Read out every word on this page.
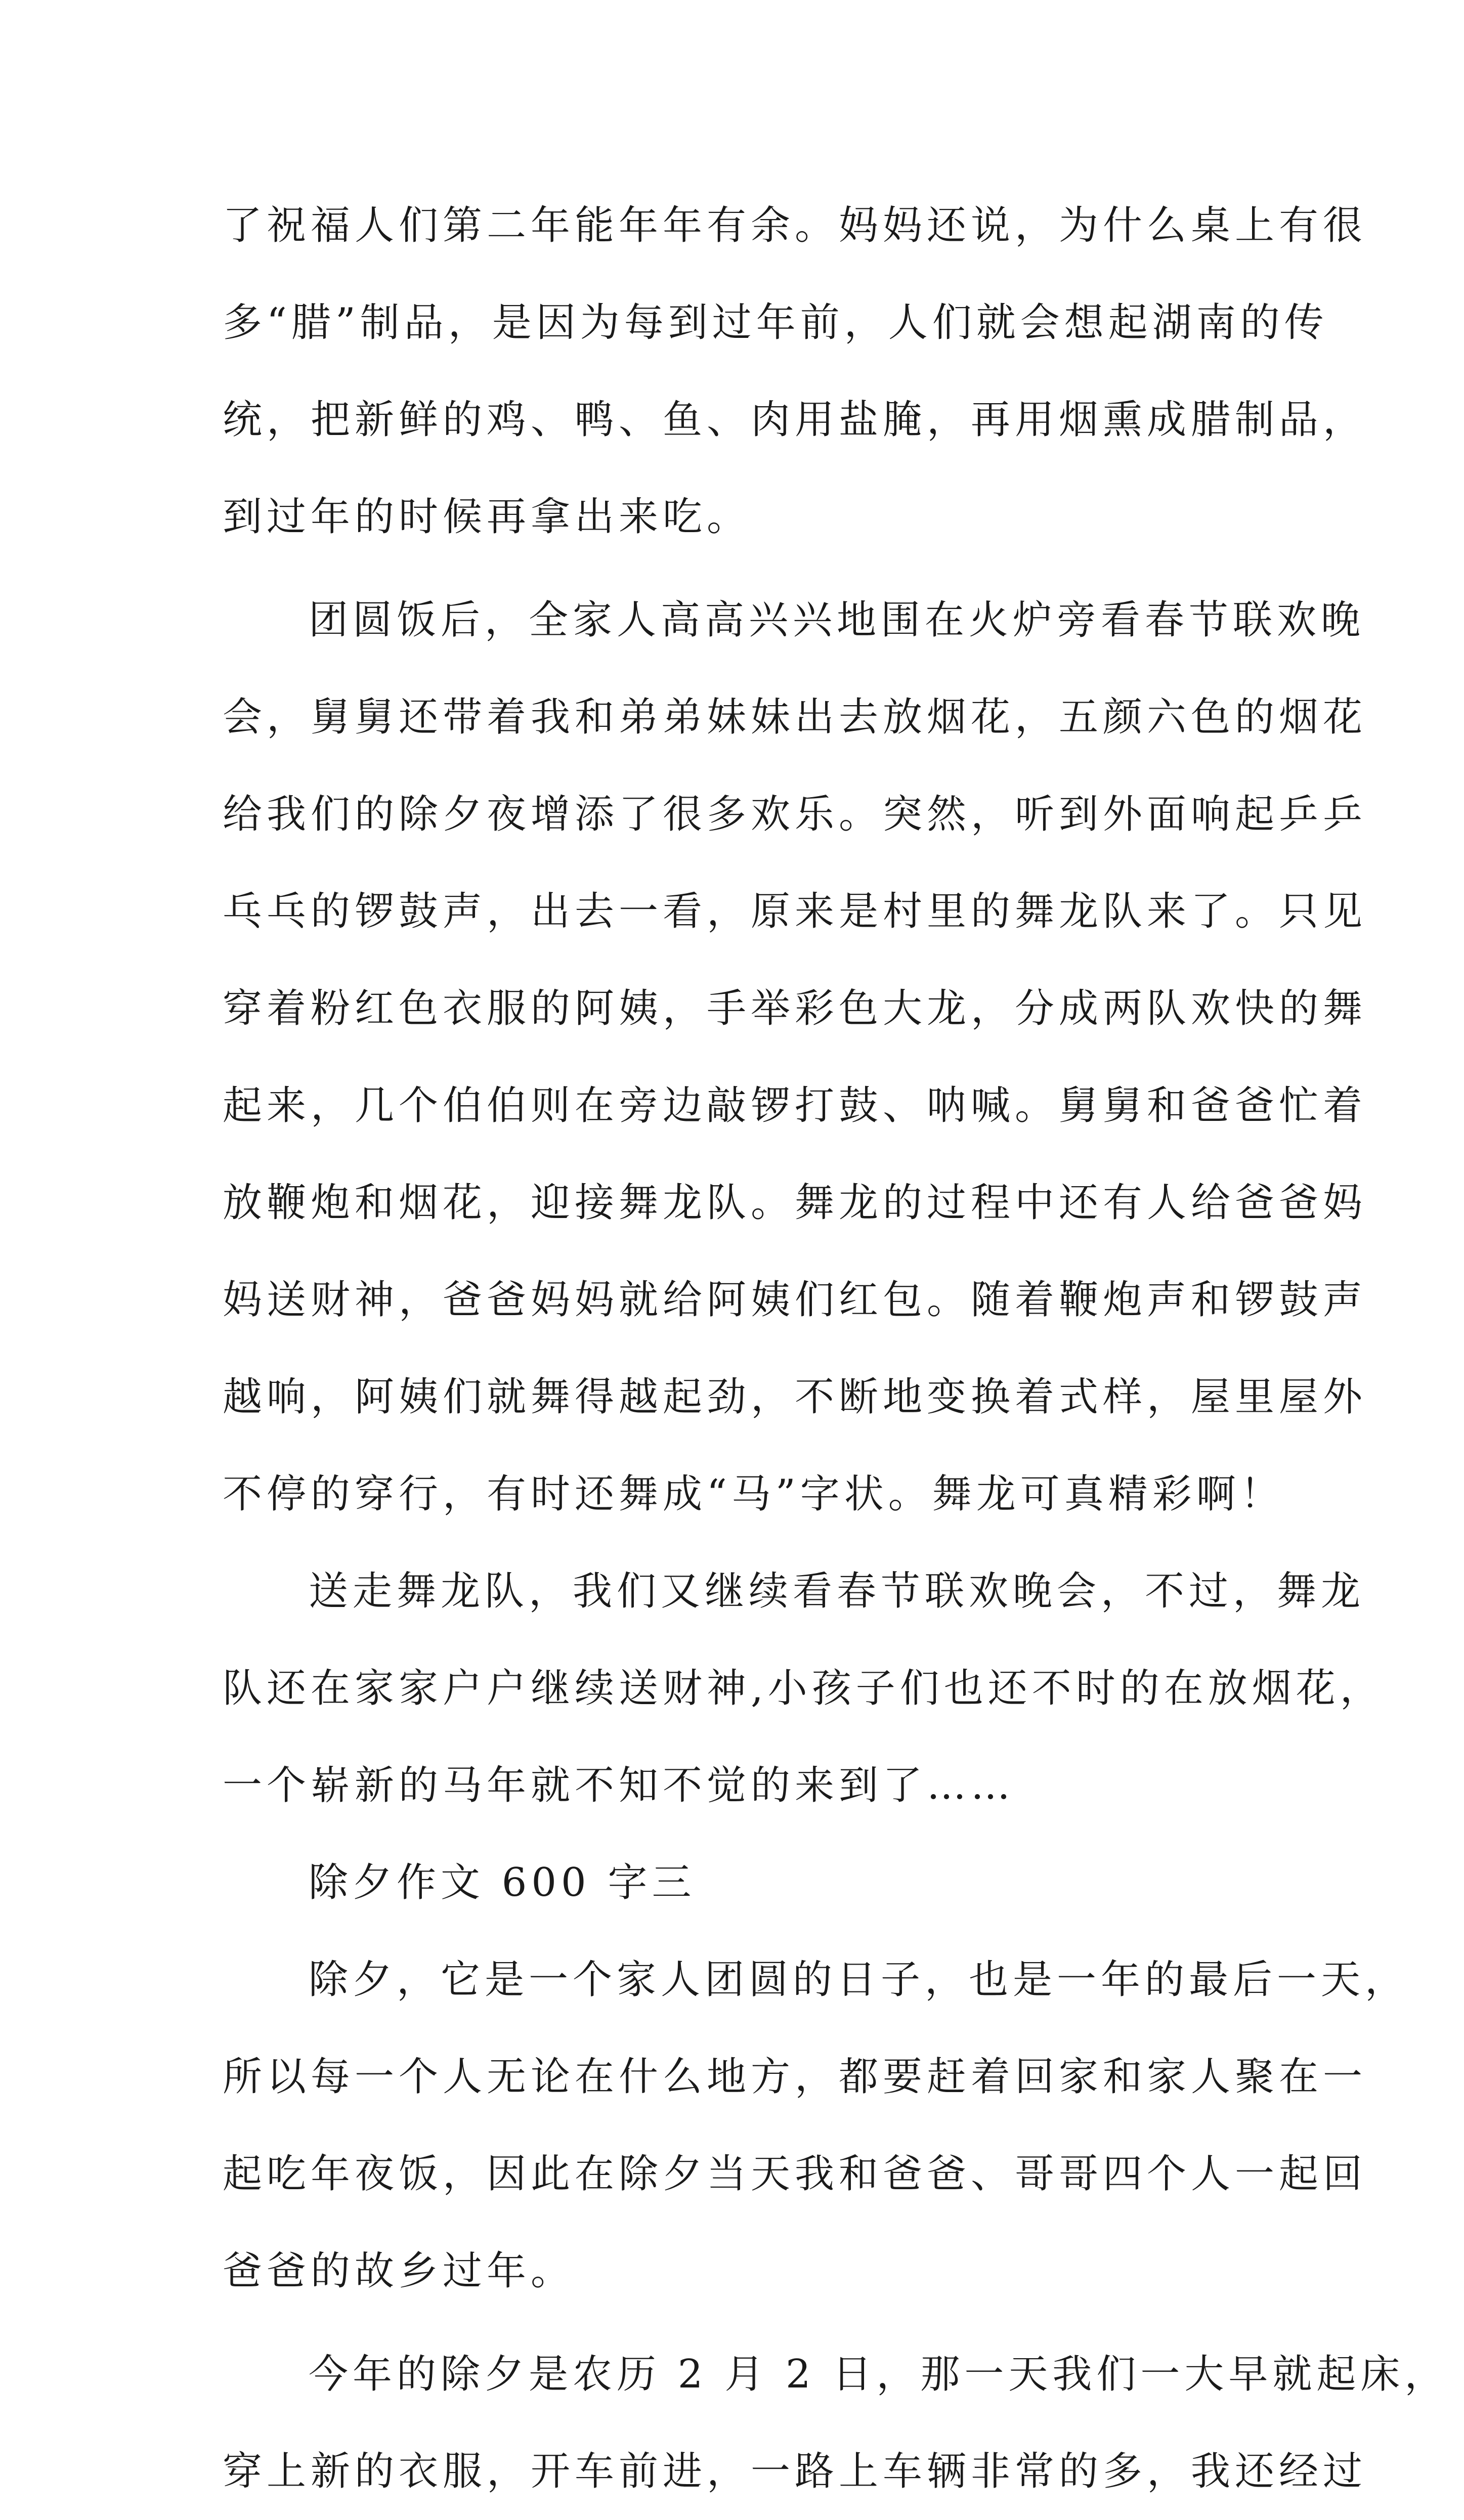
了祝福人们第二年能年年有余。妈妈还说，为什么桌上有很
多“腊”制品，是因为每到过年前，人们就会想起湖南的传
统，把新鲜的鸡、鸭、鱼、肉用盐腌，再用烟熏成腊制品，
到过年的时候再拿出来吃。
团圆饭后，全家人高高兴兴地围在火炉旁看春节联欢晚
会，舅舅还带着我和弟弟妹妹出去放烟花，五颜六色的烟花
给我们的除夕夜增添了很多欢乐。突然，听到外面响起乒乒
乓乓的锣鼓声，出去一看，原来是村里的舞龙队来了。只见
穿着粉红色衣服的阿姨，手举彩色大龙，分成两队欢快的舞
起来，几个伯伯则在旁边敲锣打鼓、呐喊。舅舅和爸爸忙着
放鞭炮和烟花，迎接舞龙队。舞龙的过程中还有人给爸爸妈
妈送财神，爸爸妈妈就给阿姨们红包。随着鞭炮声和锣鼓声
越响，阿姨们就舞得越起劲，不断地变换着式样，屋里屋外
不停的穿行，有时还舞成“马”字状。舞龙可真精彩啊！
送走舞龙队，我们又继续看春节联欢晚会，不过，舞龙
队还在家家户户继续送财神,小孩子们也还不时的在放烟花，
一个崭新的马年就不知不觉的来到了……
除夕作文 600 字三
除夕，它是一个家人团圆的日子，也是一年的最后一天，
所以每一个人无论在什么地方，都要赶着回家和家人聚在一
起吃年夜饭，因此在除夕当天我和爸爸、哥哥四个人一起回
爸爸的故乡过年。
今年的除夕是农历 2 月 2 日，那一天我们一大早就起床，
穿上新的衣服，开车前进，一路上车辆非常的多，我还经过
